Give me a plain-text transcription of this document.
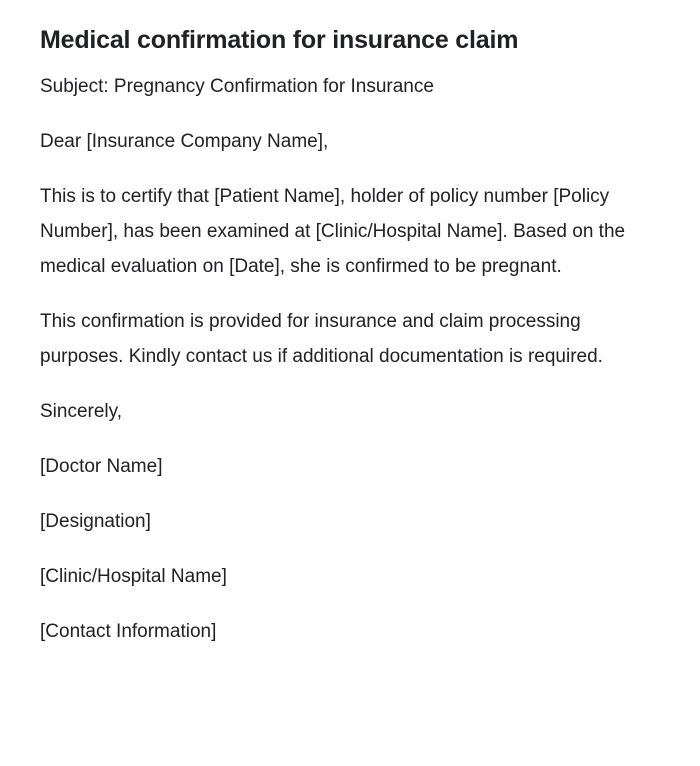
Medical confirmation for insurance claim

Subject: Pregnancy Confirmation for Insurance

Dear [Insurance Company Name],

This is to certify that [Patient Name], holder of policy number [Policy Number], has been examined at [Clinic/Hospital Name]. Based on the medical evaluation on [Date], she is confirmed to be pregnant.

This confirmation is provided for insurance and claim processing purposes. Kindly contact us if additional documentation is required.

Sincerely,

[Doctor Name]

[Designation]

[Clinic/Hospital Name]

[Contact Information]
